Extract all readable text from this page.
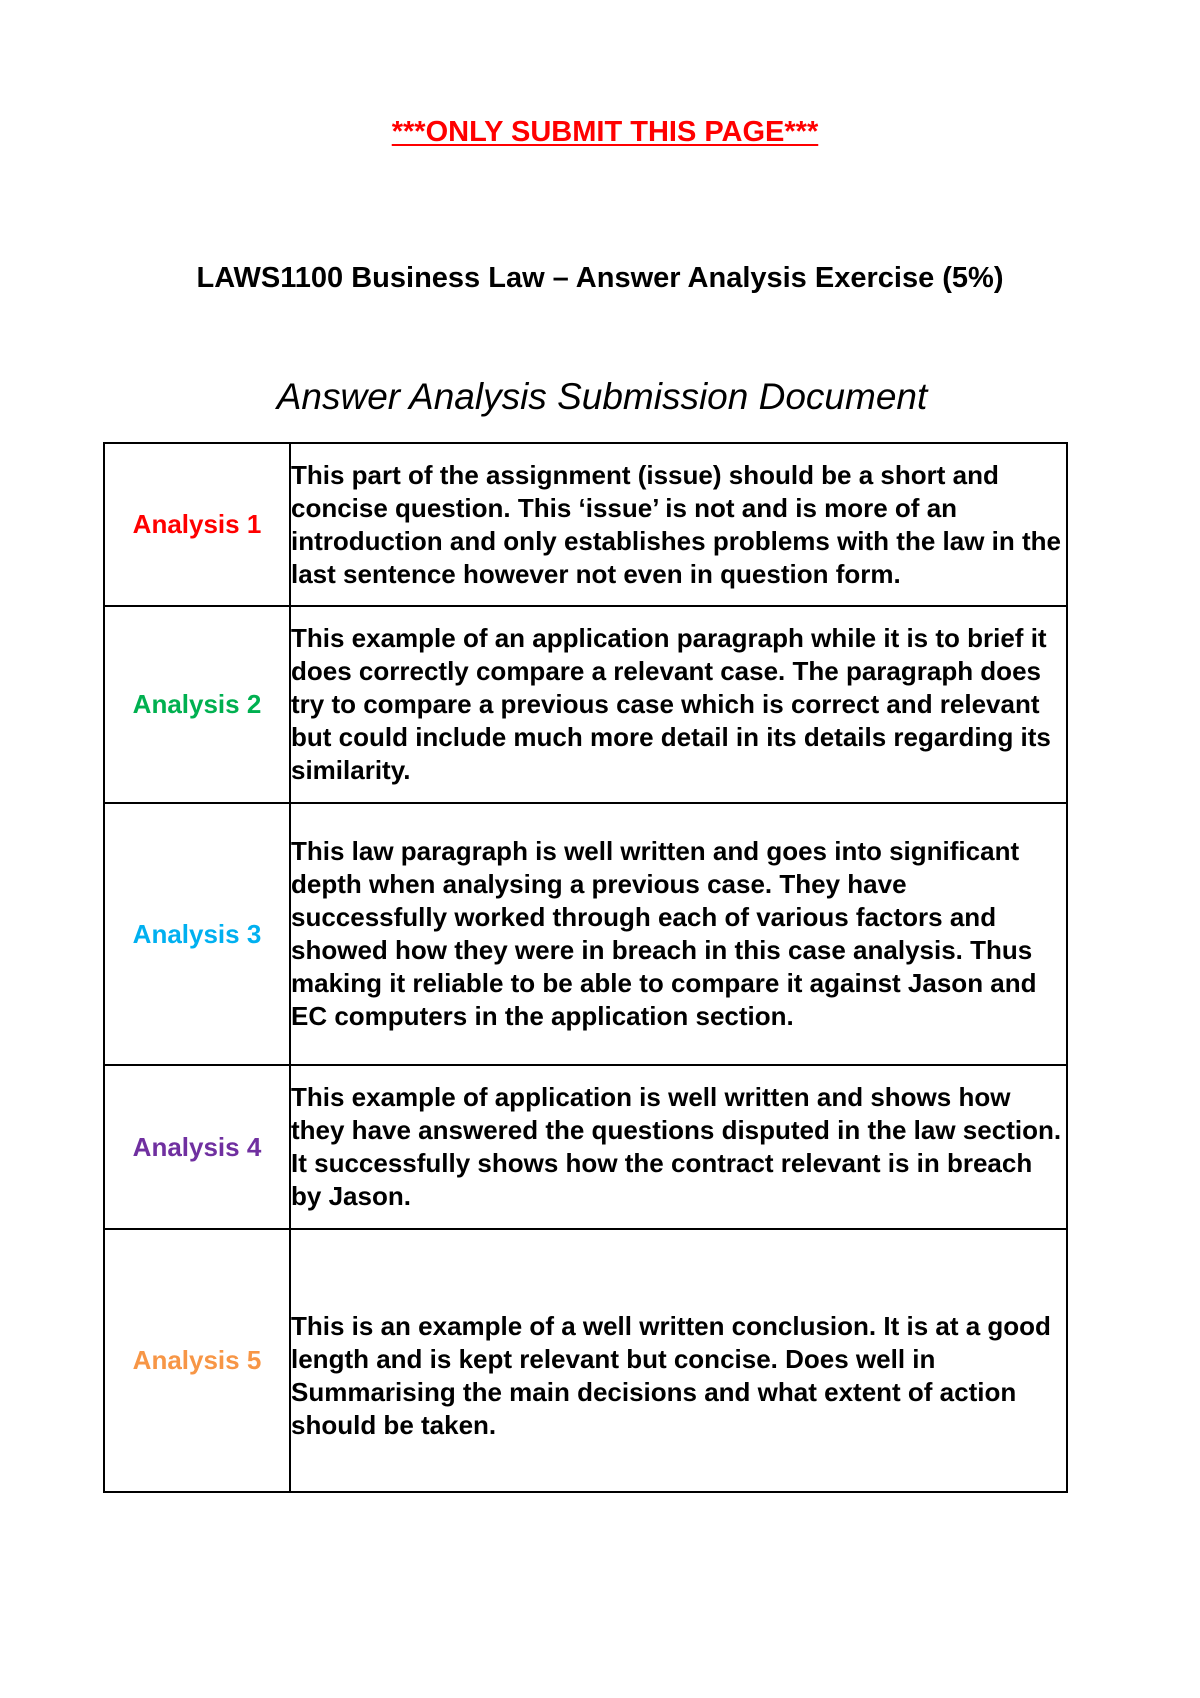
***ONLY SUBMIT THIS PAGE***
LAWS1100 Business Law – Answer Analysis Exercise (5%)
Answer Analysis Submission Document
Analysis 1	This part of the assignment (issue) should be a short and concise question. This ‘issue’ is not and is more of an introduction and only establishes problems with the law in the last sentence however not even in question form.
Analysis 2	This example of an application paragraph while it is to brief it does correctly compare a relevant case. The paragraph does try to compare a previous case which is correct and relevant but could include much more detail in its details regarding its similarity.
Analysis 3	This law paragraph is well written and goes into significant depth when analysing a previous case. They have successfully worked through each of various factors and showed how they were in breach in this case analysis. Thus making it reliable to be able to compare it against Jason and EC computers in the application section.
Analysis 4	This example of application is well written and shows how they have answered the questions disputed in the law section. It successfully shows how the contract relevant is in breach by Jason.
Analysis 5	This is an example of a well written conclusion. It is at a good length and is kept relevant but concise. Does well in Summarising the main decisions and what extent of action should be taken.
